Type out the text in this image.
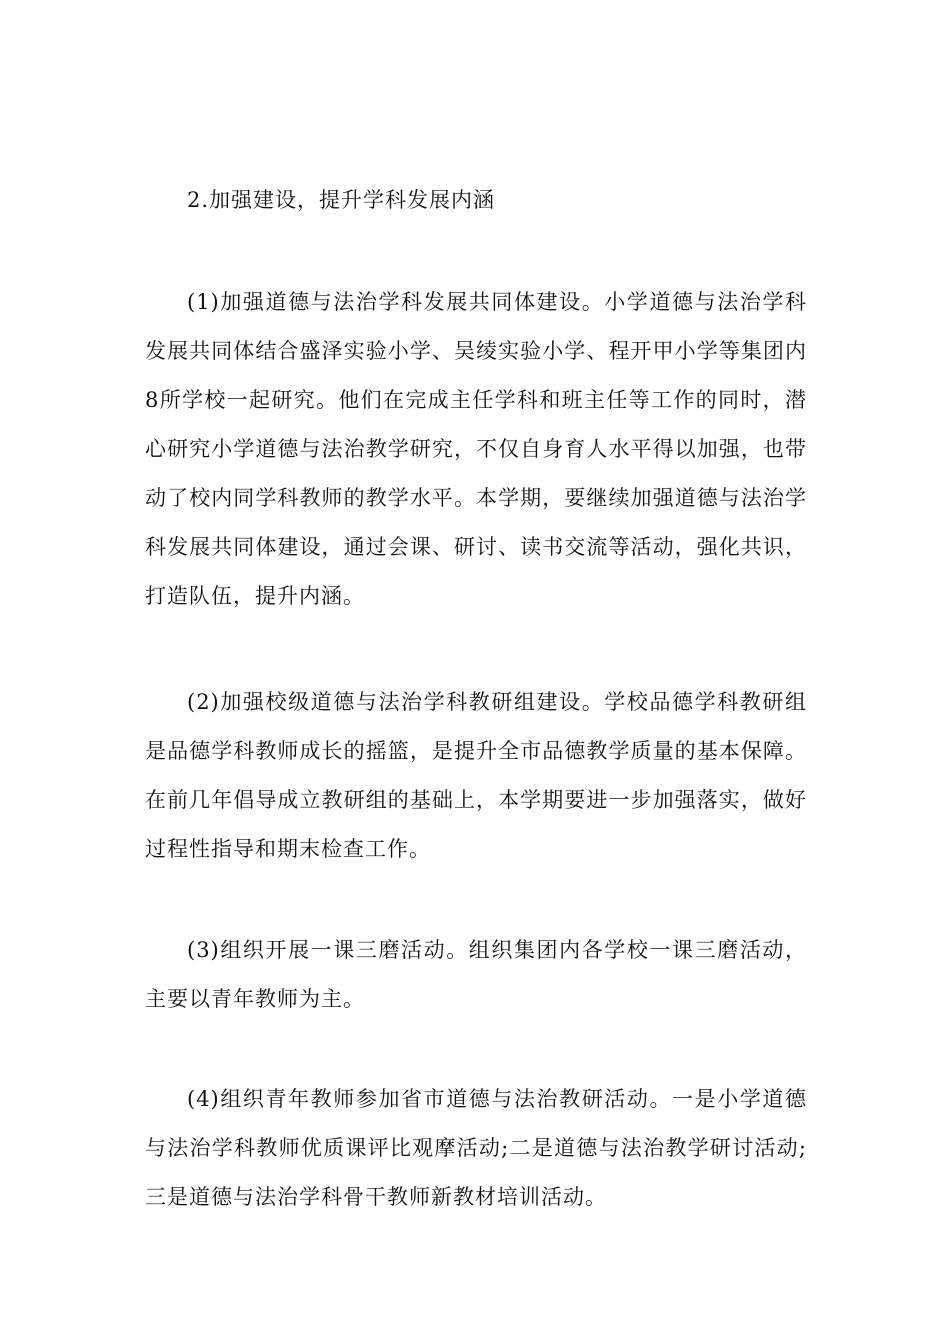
2.加强建设，提升学科发展内涵

(1)加强道德与法治学科发展共同体建设。小学道德与法治学科发展共同体结合盛泽实验小学、吴绫实验小学、程开甲小学等集团内8所学校一起研究。他们在完成主任学科和班主任等工作的同时，潜心研究小学道德与法治教学研究，不仅自身育人水平得以加强，也带动了校内同学科教师的教学水平。本学期，要继续加强道德与法治学科发展共同体建设，通过会课、研讨、读书交流等活动，强化共识，打造队伍，提升内涵。

(2)加强校级道德与法治学科教研组建设。学校品德学科教研组是品德学科教师成长的摇篮，是提升全市品德教学质量的基本保障。在前几年倡导成立教研组的基础上，本学期要进一步加强落实，做好过程性指导和期末检查工作。

(3)组织开展一课三磨活动。组织集团内各学校一课三磨活动，主要以青年教师为主。

(4)组织青年教师参加省市道德与法治教研活动。一是小学道德与法治学科教师优质课评比观摩活动;二是道德与法治教学研讨活动;三是道德与法治学科骨干教师新教材培训活动。
